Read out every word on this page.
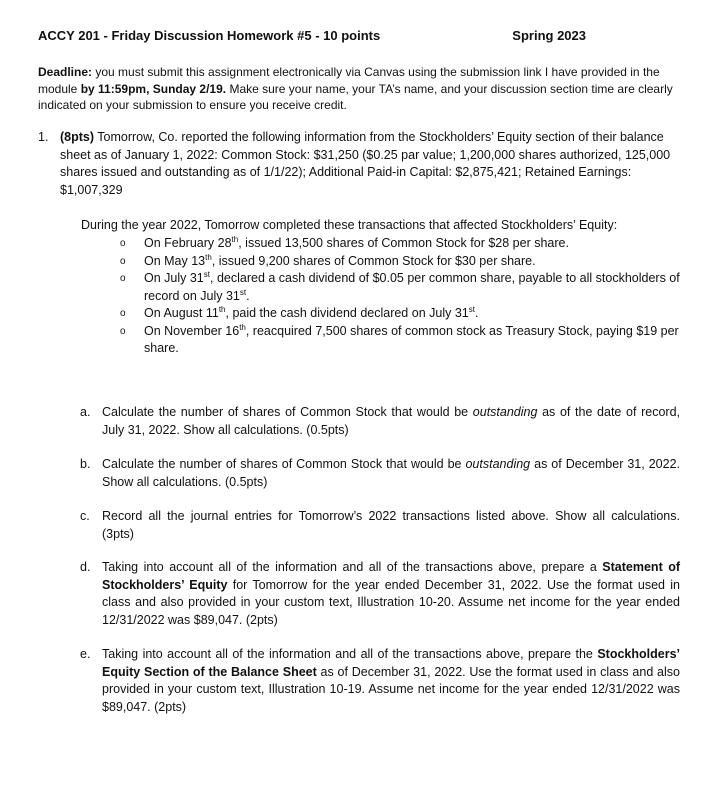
ACCY 201 - Friday Discussion Homework #5 - 10 points	Spring 2023
Deadline: you must submit this assignment electronically via Canvas using the submission link I have provided in the module by 11:59pm, Sunday 2/19. Make sure your name, your TA’s name, and your discussion section time are clearly indicated on your submission to ensure you receive credit.
1. (8pts) Tomorrow, Co. reported the following information from the Stockholders’ Equity section of their balance sheet as of January 1, 2022: Common Stock: $31,250 ($0.25 par value; 1,200,000 shares authorized, 125,000 shares issued and outstanding as of 1/1/22); Additional Paid-in Capital: $2,875,421; Retained Earnings: $1,007,329
During the year 2022, Tomorrow completed these transactions that affected Stockholders’ Equity:
o	On February 28th, issued 13,500 shares of Common Stock for $28 per share.
o	On May 13th, issued 9,200 shares of Common Stock for $30 per share.
o	On July 31st, declared a cash dividend of $0.05 per common share, payable to all stockholders of record on July 31st.
o	On August 11th, paid the cash dividend declared on July 31st.
o	On November 16th, reacquired 7,500 shares of common stock as Treasury Stock, paying $19 per share.
a. Calculate the number of shares of Common Stock that would be outstanding as of the date of record, July 31, 2022. Show all calculations. (0.5pts)
b. Calculate the number of shares of Common Stock that would be outstanding as of December 31, 2022. Show all calculations. (0.5pts)
c. Record all the journal entries for Tomorrow’s 2022 transactions listed above. Show all calculations. (3pts)
d. Taking into account all of the information and all of the transactions above, prepare a Statement of Stockholders’ Equity for Tomorrow for the year ended December 31, 2022. Use the format used in class and also provided in your custom text, Illustration 10-20. Assume net income for the year ended 12/31/2022 was $89,047. (2pts)
e. Taking into account all of the information and all of the transactions above, prepare the Stockholders’ Equity Section of the Balance Sheet as of December 31, 2022. Use the format used in class and also provided in your custom text, Illustration 10-19. Assume net income for the year ended 12/31/2022 was $89,047. (2pts)
